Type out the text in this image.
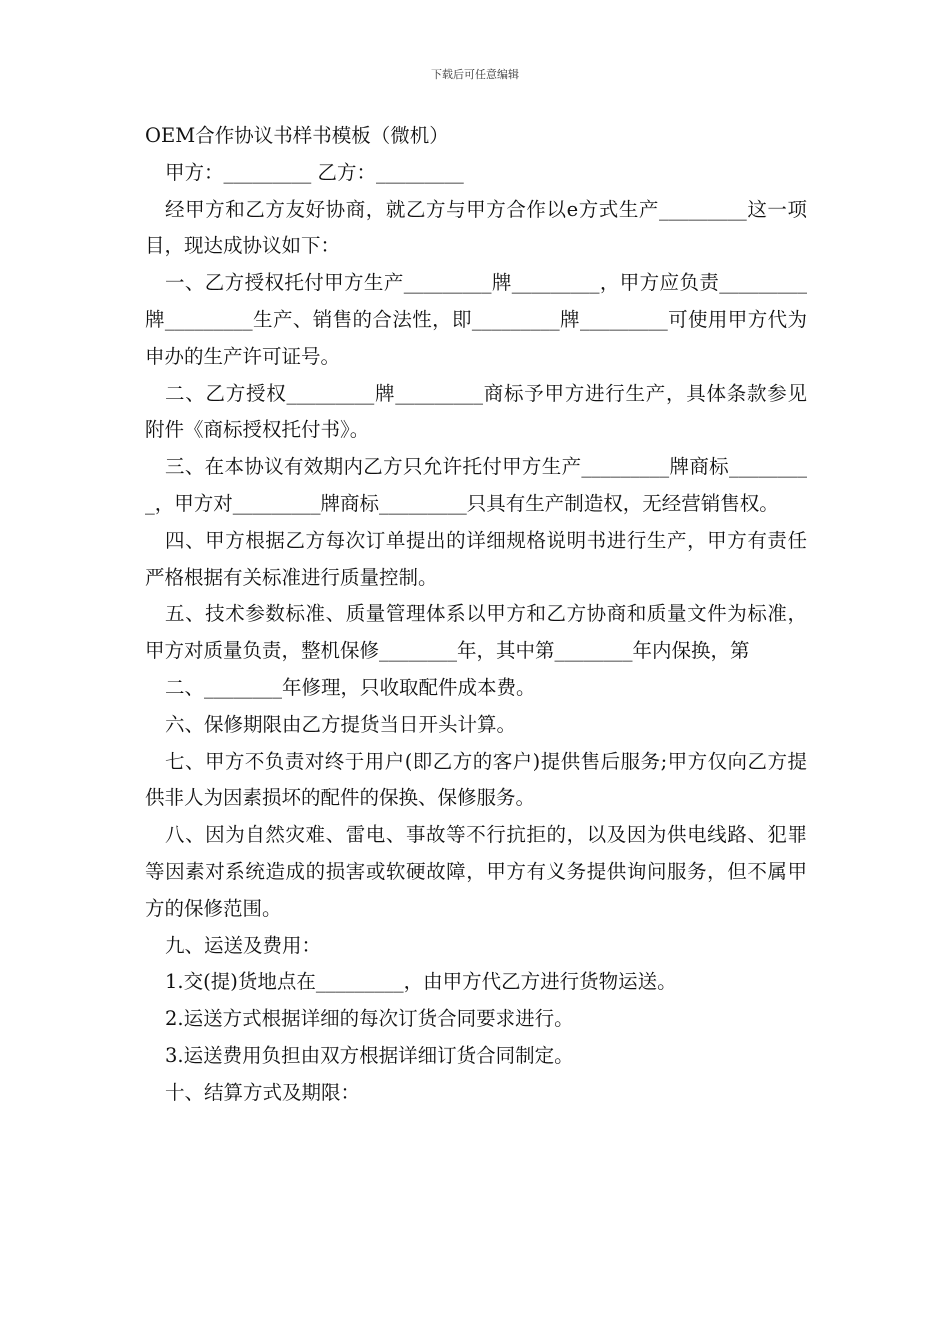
下载后可任意编辑

OEM合作协议书样书模板（微机）

甲方：_________ 乙方：_________

经甲方和乙方友好协商，就乙方与甲方合作以e方式生产_________这一项目，现达成协议如下：

一、乙方授权托付甲方生产_________牌_________，甲方应负责_________牌_________生产、销售的合法性，即_________牌_________可使用甲方代为申办的生产许可证号。

二、乙方授权_________牌_________商标予甲方进行生产，具体条款参见附件《商标授权托付书》。

三、在本协议有效期内乙方只允许托付甲方生产_________牌商标_________，甲方对_________牌商标_________只具有生产制造权，无经营销售权。

四、甲方根据乙方每次订单提出的详细规格说明书进行生产，甲方有责任严格根据有关标准进行质量控制。

五、技术参数标准、质量管理体系以甲方和乙方协商和质量文件为标准，甲方对质量负责，整机保修________年，其中第________年内保换，第

二、________年修理，只收取配件成本费。

六、保修期限由乙方提货当日开头计算。

七、甲方不负责对终于用户(即乙方的客户)提供售后服务;甲方仅向乙方提供非人为因素损坏的配件的保换、保修服务。

八、因为自然灾难、雷电、事故等不行抗拒的，以及因为供电线路、犯罪等因素对系统造成的损害或软硬故障，甲方有义务提供询问服务，但不属甲方的保修范围。

九、运送及费用：

1.交(提)货地点在_________，由甲方代乙方进行货物运送。

2.运送方式根据详细的每次订货合同要求进行。

3.运送费用负担由双方根据详细订货合同制定。

十、结算方式及期限：
